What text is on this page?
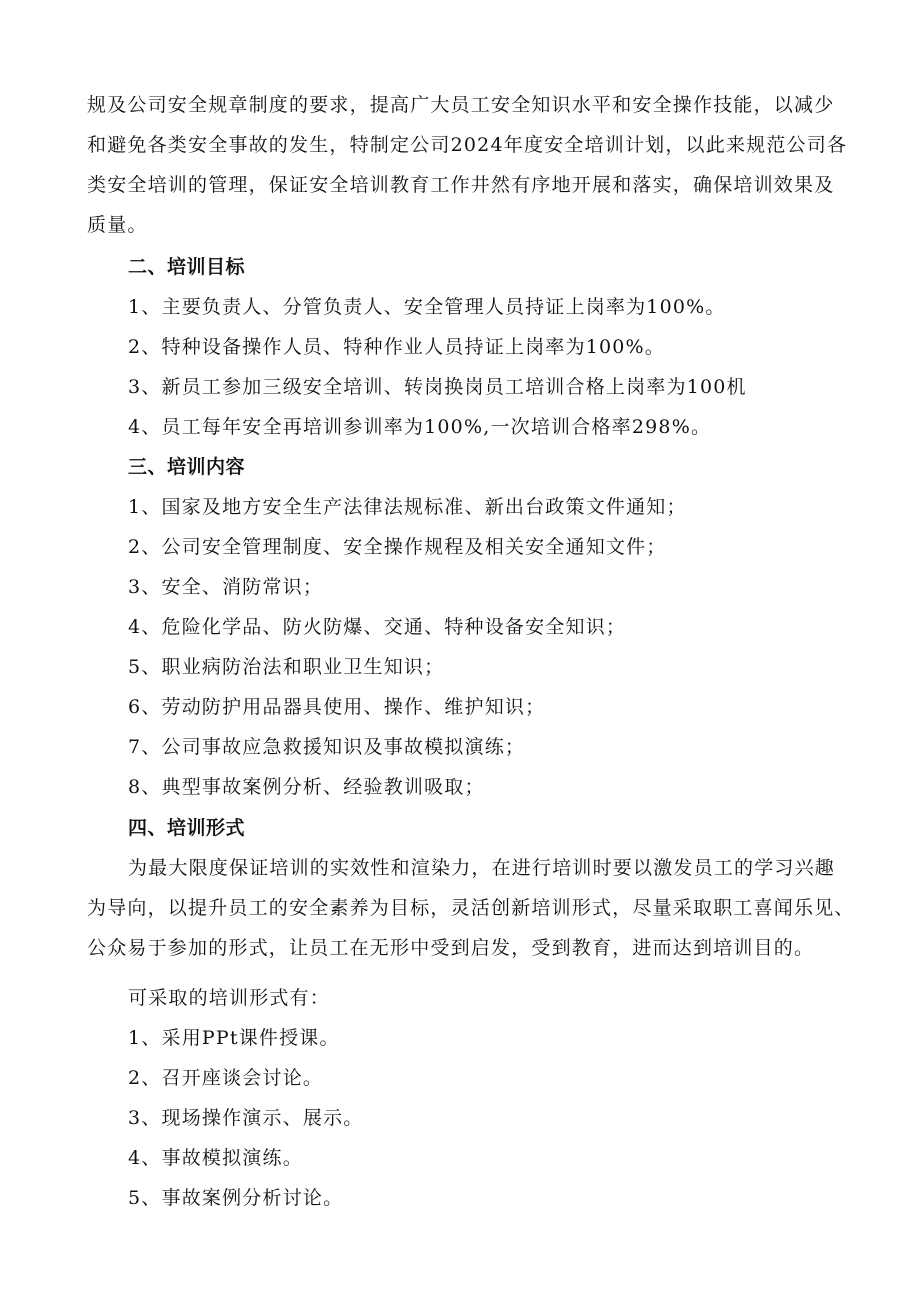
规及公司安全规章制度的要求，提高广大员工安全知识水平和安全操作技能，以减少
和避免各类安全事故的发生，特制定公司2024年度安全培训计划，以此来规范公司各
类安全培训的管理，保证安全培训教育工作井然有序地开展和落实，确保培训效果及
质量。
二、培训目标
1、主要负责人、分管负责人、安全管理人员持证上岗率为100%。
2、特种设备操作人员、特种作业人员持证上岗率为100%。
3、新员工参加三级安全培训、转岗换岗员工培训合格上岗率为100机
4、员工每年安全再培训参训率为100%,一次培训合格率298%。
三、培训内容
1、国家及地方安全生产法律法规标准、新出台政策文件通知；
2、公司安全管理制度、安全操作规程及相关安全通知文件；
3、安全、消防常识；
4、危险化学品、防火防爆、交通、特种设备安全知识；
5、职业病防治法和职业卫生知识；
6、劳动防护用品器具使用、操作、维护知识；
7、公司事故应急救援知识及事故模拟演练；
8、典型事故案例分析、经验教训吸取；
四、培训形式
为最大限度保证培训的实效性和渲染力，在进行培训时要以激发员工的学习兴趣
为导向，以提升员工的安全素养为目标，灵活创新培训形式，尽量采取职工喜闻乐见、
公众易于参加的形式，让员工在无形中受到启发，受到教育，进而达到培训目的。
可采取的培训形式有：
1、采用PPt课件授课。
2、召开座谈会讨论。
3、现场操作演示、展示。
4、事故模拟演练。
5、事故案例分析讨论。
